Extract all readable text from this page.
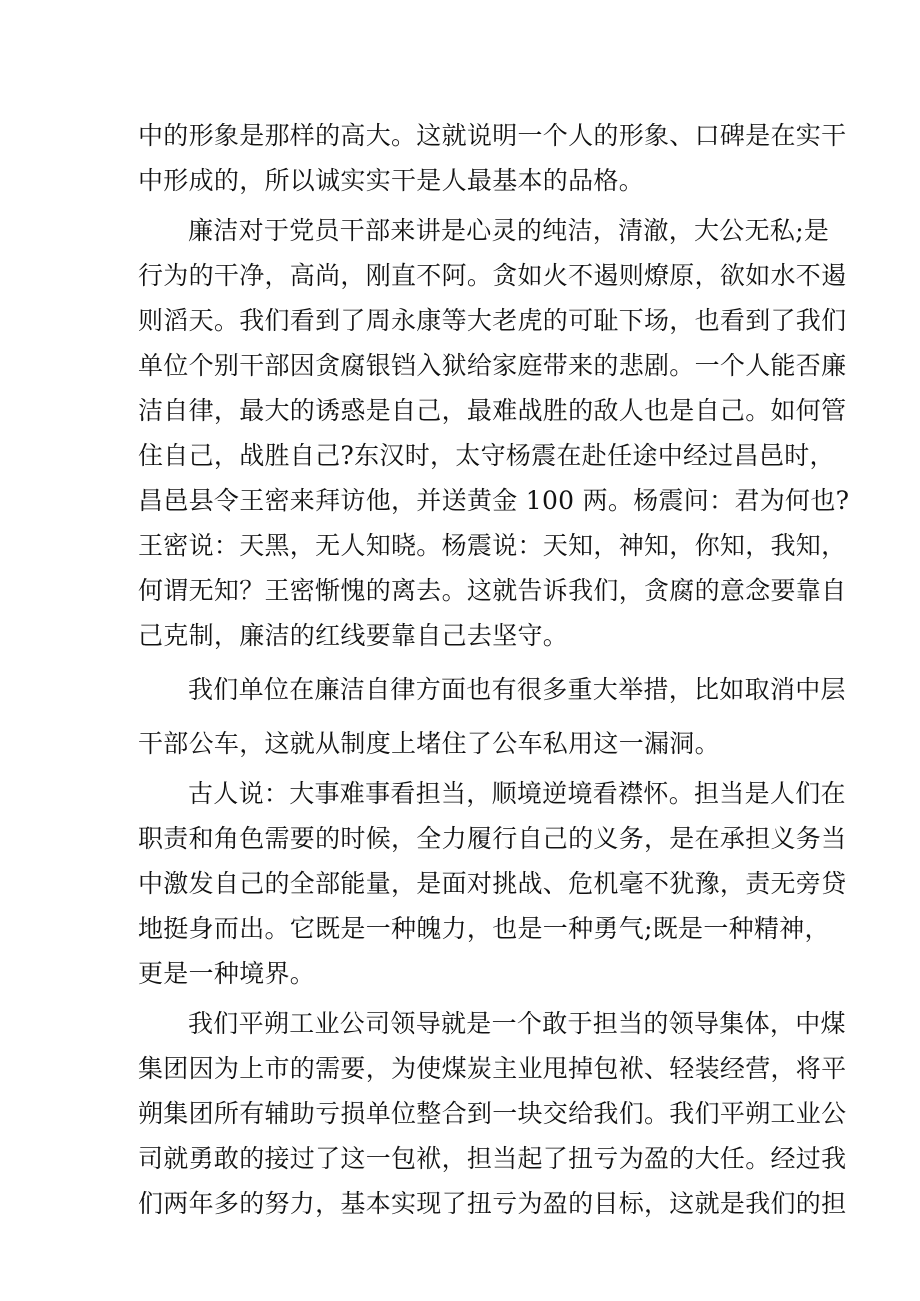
中的形象是那样的高大。这就说明一个人的形象、口碑是在实干
中形成的，所以诚实实干是人最基本的品格。
廉洁对于党员干部来讲是心灵的纯洁，清澈，大公无私;是
行为的干净，高尚，刚直不阿。贪如火不遏则燎原，欲如水不遏
则滔天。我们看到了周永康等大老虎的可耻下场，也看到了我们
单位个别干部因贪腐银铛入狱给家庭带来的悲剧。一个人能否廉
洁自律，最大的诱惑是自己，最难战胜的敌人也是自己。如何管
住自己，战胜自己?东汉时，太守杨震在赴任途中经过昌邑时，
昌邑县令王密来拜访他，并送黄金 100 两。杨震问：君为何也?
王密说：天黑，无人知晓。杨震说：天知，神知，你知，我知，
何谓无知？王密惭愧的离去。这就告诉我们，贪腐的意念要靠自
己克制，廉洁的红线要靠自己去坚守。
我们单位在廉洁自律方面也有很多重大举措，比如取消中层
干部公车，这就从制度上堵住了公车私用这一漏洞。
古人说：大事难事看担当，顺境逆境看襟怀。担当是人们在
职责和角色需要的时候，全力履行自己的义务，是在承担义务当
中激发自己的全部能量，是面对挑战、危机毫不犹豫，责无旁贷
地挺身而出。它既是一种魄力，也是一种勇气;既是一种精神，
更是一种境界。
我们平朔工业公司领导就是一个敢于担当的领导集体，中煤
集团因为上市的需要，为使煤炭主业甩掉包袱、轻装经营，将平
朔集团所有辅助亏损单位整合到一块交给我们。我们平朔工业公
司就勇敢的接过了这一包袱，担当起了扭亏为盈的大任。经过我
们两年多的努力，基本实现了扭亏为盈的目标，这就是我们的担
